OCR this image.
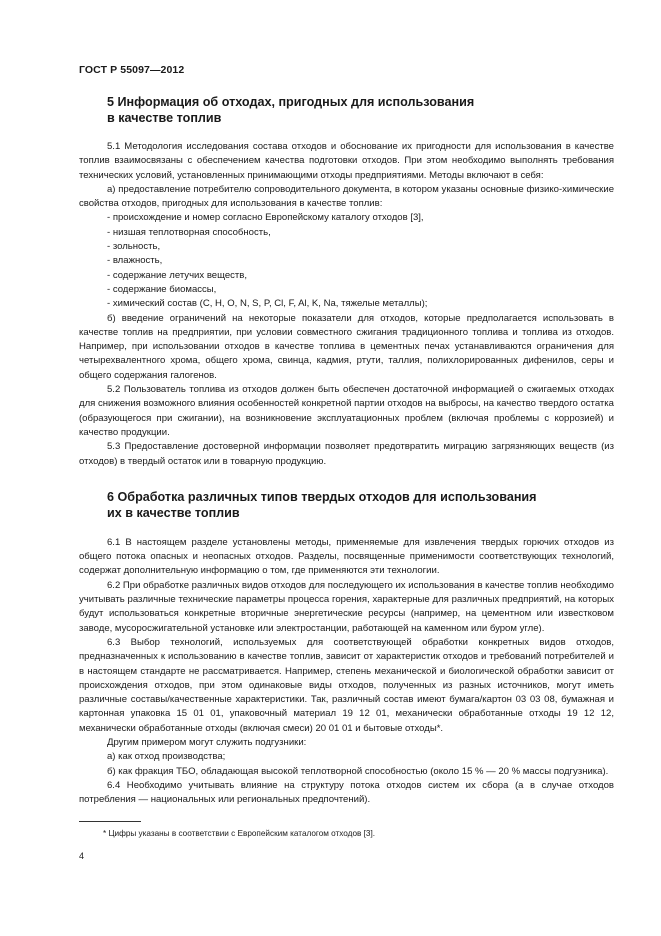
ГОСТ Р 55097—2012
5 Информация об отходах, пригодных для использования
в качестве топлив

5.1 Методология исследования состава отходов и обоснование их пригодности для использования в качестве топлив взаимосвязаны с обеспечением качества подготовки отходов. При этом необходимо выполнять требования технических условий, установленных принимающими отходы предприятиями. Методы включают в себя:

а) предоставление потребителю сопроводительного документа, в котором указаны основные физико-химические свойства отходов, пригодных для использования в качестве топлив:

- происхождение и номер согласно Европейскому каталогу отходов [3],

- низшая теплотворная способность,

- зольность,

- влажность,

- содержание летучих веществ,

- содержание биомассы,

- химический состав (C, H, O, N, S, P, Cl, F, Al, K, Na, тяжелые металлы);

б) введение ограничений на некоторые показатели для отходов, которые предполагается использовать в качестве топлив на предприятии, при условии совместного сжигания традиционного топлива и топлива из отходов. Например, при использовании отходов в качестве топлива в цементных печах устанавливаются ограничения для четырехвалентного хрома, общего хрома, свинца, кадмия, ртути, таллия, полихлорированных дифенилов, серы и общего содержания галогенов.

5.2 Пользователь топлива из отходов должен быть обеспечен достаточной информацией о сжигаемых отходах для снижения возможного влияния особенностей конкретной партии отходов на выбросы, на качество твердого остатка (образующегося при сжигании), на возникновение эксплуатационных проблем (включая проблемы с коррозией) и качество продукции.

5.3 Предоставление достоверной информации позволяет предотвратить миграцию загрязняющих веществ (из отходов) в твердый остаток или в товарную продукцию.

6 Обработка различных типов твердых отходов для использования
их в качестве топлив

6.1 В настоящем разделе установлены методы, применяемые для извлечения твердых горючих отходов из общего потока опасных и неопасных отходов. Разделы, посвященные применимости соответствующих технологий, содержат дополнительную информацию о том, где применяются эти технологии.

6.2 При обработке различных видов отходов для последующего их использования в качестве топлив необходимо учитывать различные технические параметры процесса горения, характерные для различных предприятий, на которых будут использоваться конкретные вторичные энергетические ресурсы (например, на цементном или известковом заводе, мусоросжигательной установке или электростанции, работающей на каменном или буром угле).

6.3 Выбор технологий, используемых для соответствующей обработки конкретных видов отходов, предназначенных к использованию в качестве топлив, зависит от характеристик отходов и требований потребителей и в настоящем стандарте не рассматривается. Например, степень механической и биологической обработки зависит от происхождения отходов, при этом одинаковые виды отходов, полученных из разных источников, могут иметь различные составы/качественные характеристики. Так, различный состав имеют бумага/картон 03 03 08, бумажная и картонная упаковка 15 01 01, упаковочный материал 19 12 01, механически обработанные отходы 19 12 12, механически обработанные отходы (включая смеси) 20 01 01 и бытовые отходы*.

Другим примером могут служить подгузники:

а) как отход производства;

б) как фракция ТБО, обладающая высокой теплотворной способностью (около 15 % — 20 % массы подгузника).

6.4 Необходимо учитывать влияние на структуру потока отходов систем их сбора (а в случае отходов потребления — национальных или региональных предпочтений).

* Цифры указаны в соответствии с Европейским каталогом отходов [3].
4
